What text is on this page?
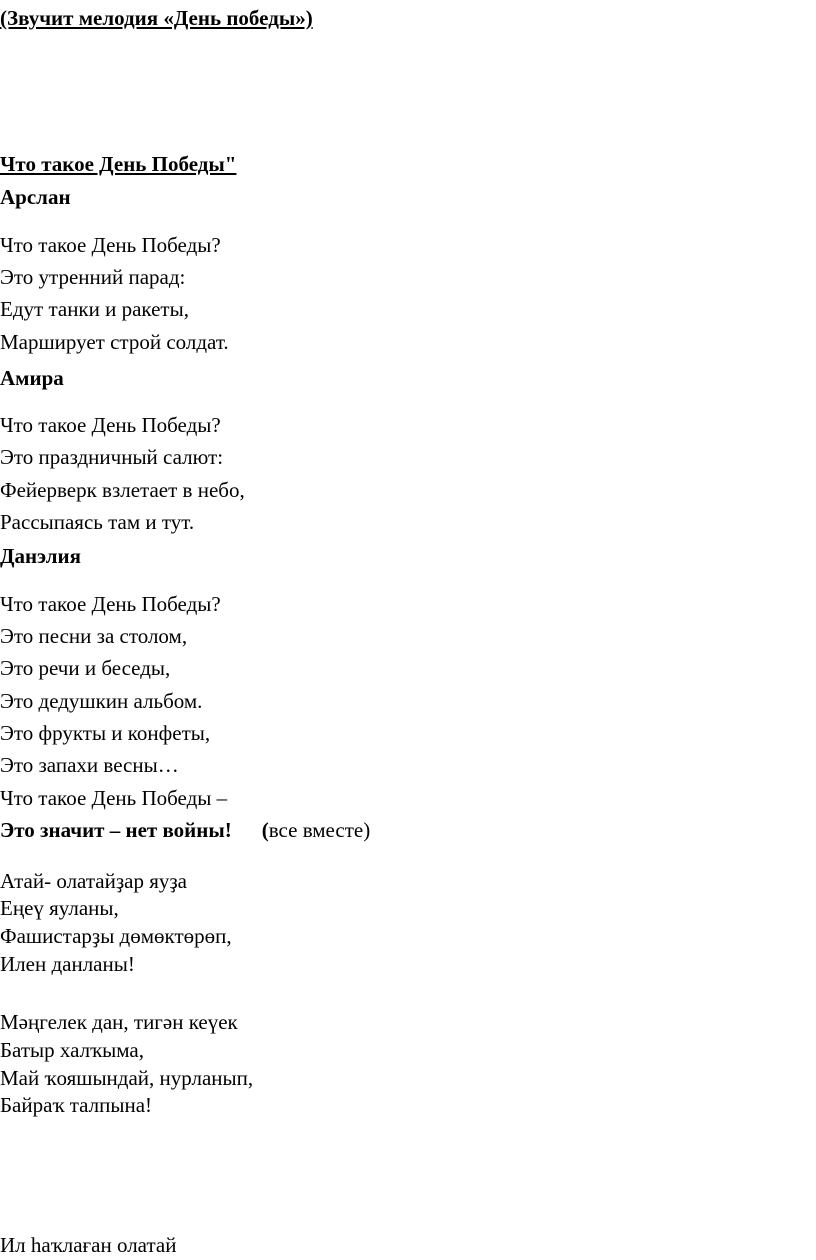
(Звучит мелодия «День победы»)
Что такое День Победы"
Арслан
Что такое День Победы?
Это утренний парад:
Едут танки и ракеты,
Марширует строй солдат.
Амира
Что такое День Победы?
Это праздничный салют:
Фейерверк взлетает в небо,
Рассыпаясь там и тут.
Данэлия
Что такое День Победы?
Это песни за столом,
Это речи и беседы,
Это дедушкин альбом.
Это фрукты и конфеты,
Это запахи весны…
Что такое День Победы –
Это значит – нет войны! (все вместе)
Атай- олатайҙар яуҙа
Еңеү яуланы,
Фашистарҙы дөмөктөрөп,
Илен данланы!
Мәңгелек дан, тигән кеүек
Батыр халҡыма,
Май ҡояшындай, нурланып,
Байраҡ талпына!
Ил һаҡлаған олатай
